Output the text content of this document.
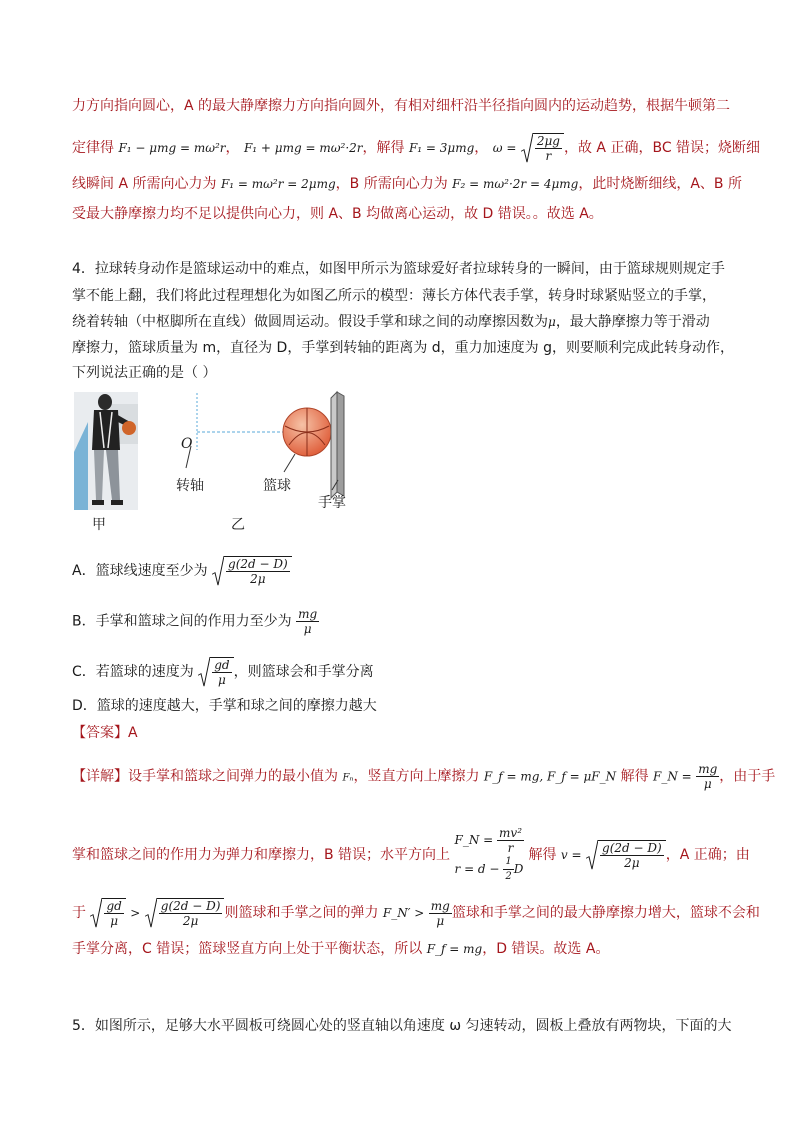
力方向指向圆心，A 的最大静摩擦力方向指向圆外，有相对细杆沿半径指向圆内的运动趋势，根据牛顿第二
定律得 F₁ − μmg = mω²r， F₁ + μmg = mω²·2r，解得 F₁ = 3μmg， $\omega = \frac{2\mu g}{r}$ ，故 A 正确，BC 错误；烧断细
线瞬间 A 所需向心力为 F₁ = mω²r = 2μmg，B 所需向心力为 F₂ = mω²·2r = 4μmg，此时烧断细线，A、B 所
受最大静摩擦力均不足以提供向心力，则 A、B 均做离心运动，故 D 错误。。故选 A。
4．拉球转身动作是篮球运动中的难点，如图甲所示为篮球爱好者拉球转身的一瞬间，由于篮球规则规定手
掌不能上翻，我们将此过程理想化为如图乙所示的模型：薄长方体代表手掌，转身时球紧贴竖立的手掌，
绕着转轴（中枢脚所在直线）做圆周运动。假设手掌和球之间的动摩擦因数为μ，最大静摩擦力等于滑动
摩擦力，篮球质量为 m，直径为 D，手掌到转轴的距离为 d，重力加速度为 g，则要顺利完成此转身动作，
下列说法正确的是（ ）
甲
O
转轴	篮球
手掌
乙
A．篮球线速度至少为 $\frac{g(2d - D)}{2\mu}$
B．手掌和篮球之间的作用力至少为 $\frac{mg}{\mu}$
C．若篮球的速度为 $\frac{gd}{\mu}$ ，则篮球会和手掌分离
D．篮球的速度越大，手掌和球之间的摩擦力越大
【答案】A
【详解】设手掌和篮球之间弹力的最小值为 Fₙ，竖直方向上摩擦力 F_f = mg, F_f = μF_N 解得 F_N = $\frac{mg}{\mu}$ ，由于手
掌和篮球之间的作用力为弹力和摩擦力，B 错误；水平方向上
F_N = $\frac{\text{mv²}}{r}$
$r = d - \frac{1}{2}$ D
解得 $v = \frac{g(2d - D)}{2\mu}$ ，A 正确；由
于 $\frac{gd}{\mu} > \frac{g(2d - D)}{2\mu}$ 则篮球和手掌之间的弹力 F_N′ > $\frac{mg}{\mu}$ 篮球和手掌之间的最大静摩擦力增大，篮球不会和
手掌分离，C 错误；篮球竖直方向上处于平衡状态，所以 F_f = mg，D 错误。故选 A。
5．如图所示，足够大水平圆板可绕圆心处的竖直轴以角速度 ω 匀速转动，圆板上叠放有两物块，下面的大
